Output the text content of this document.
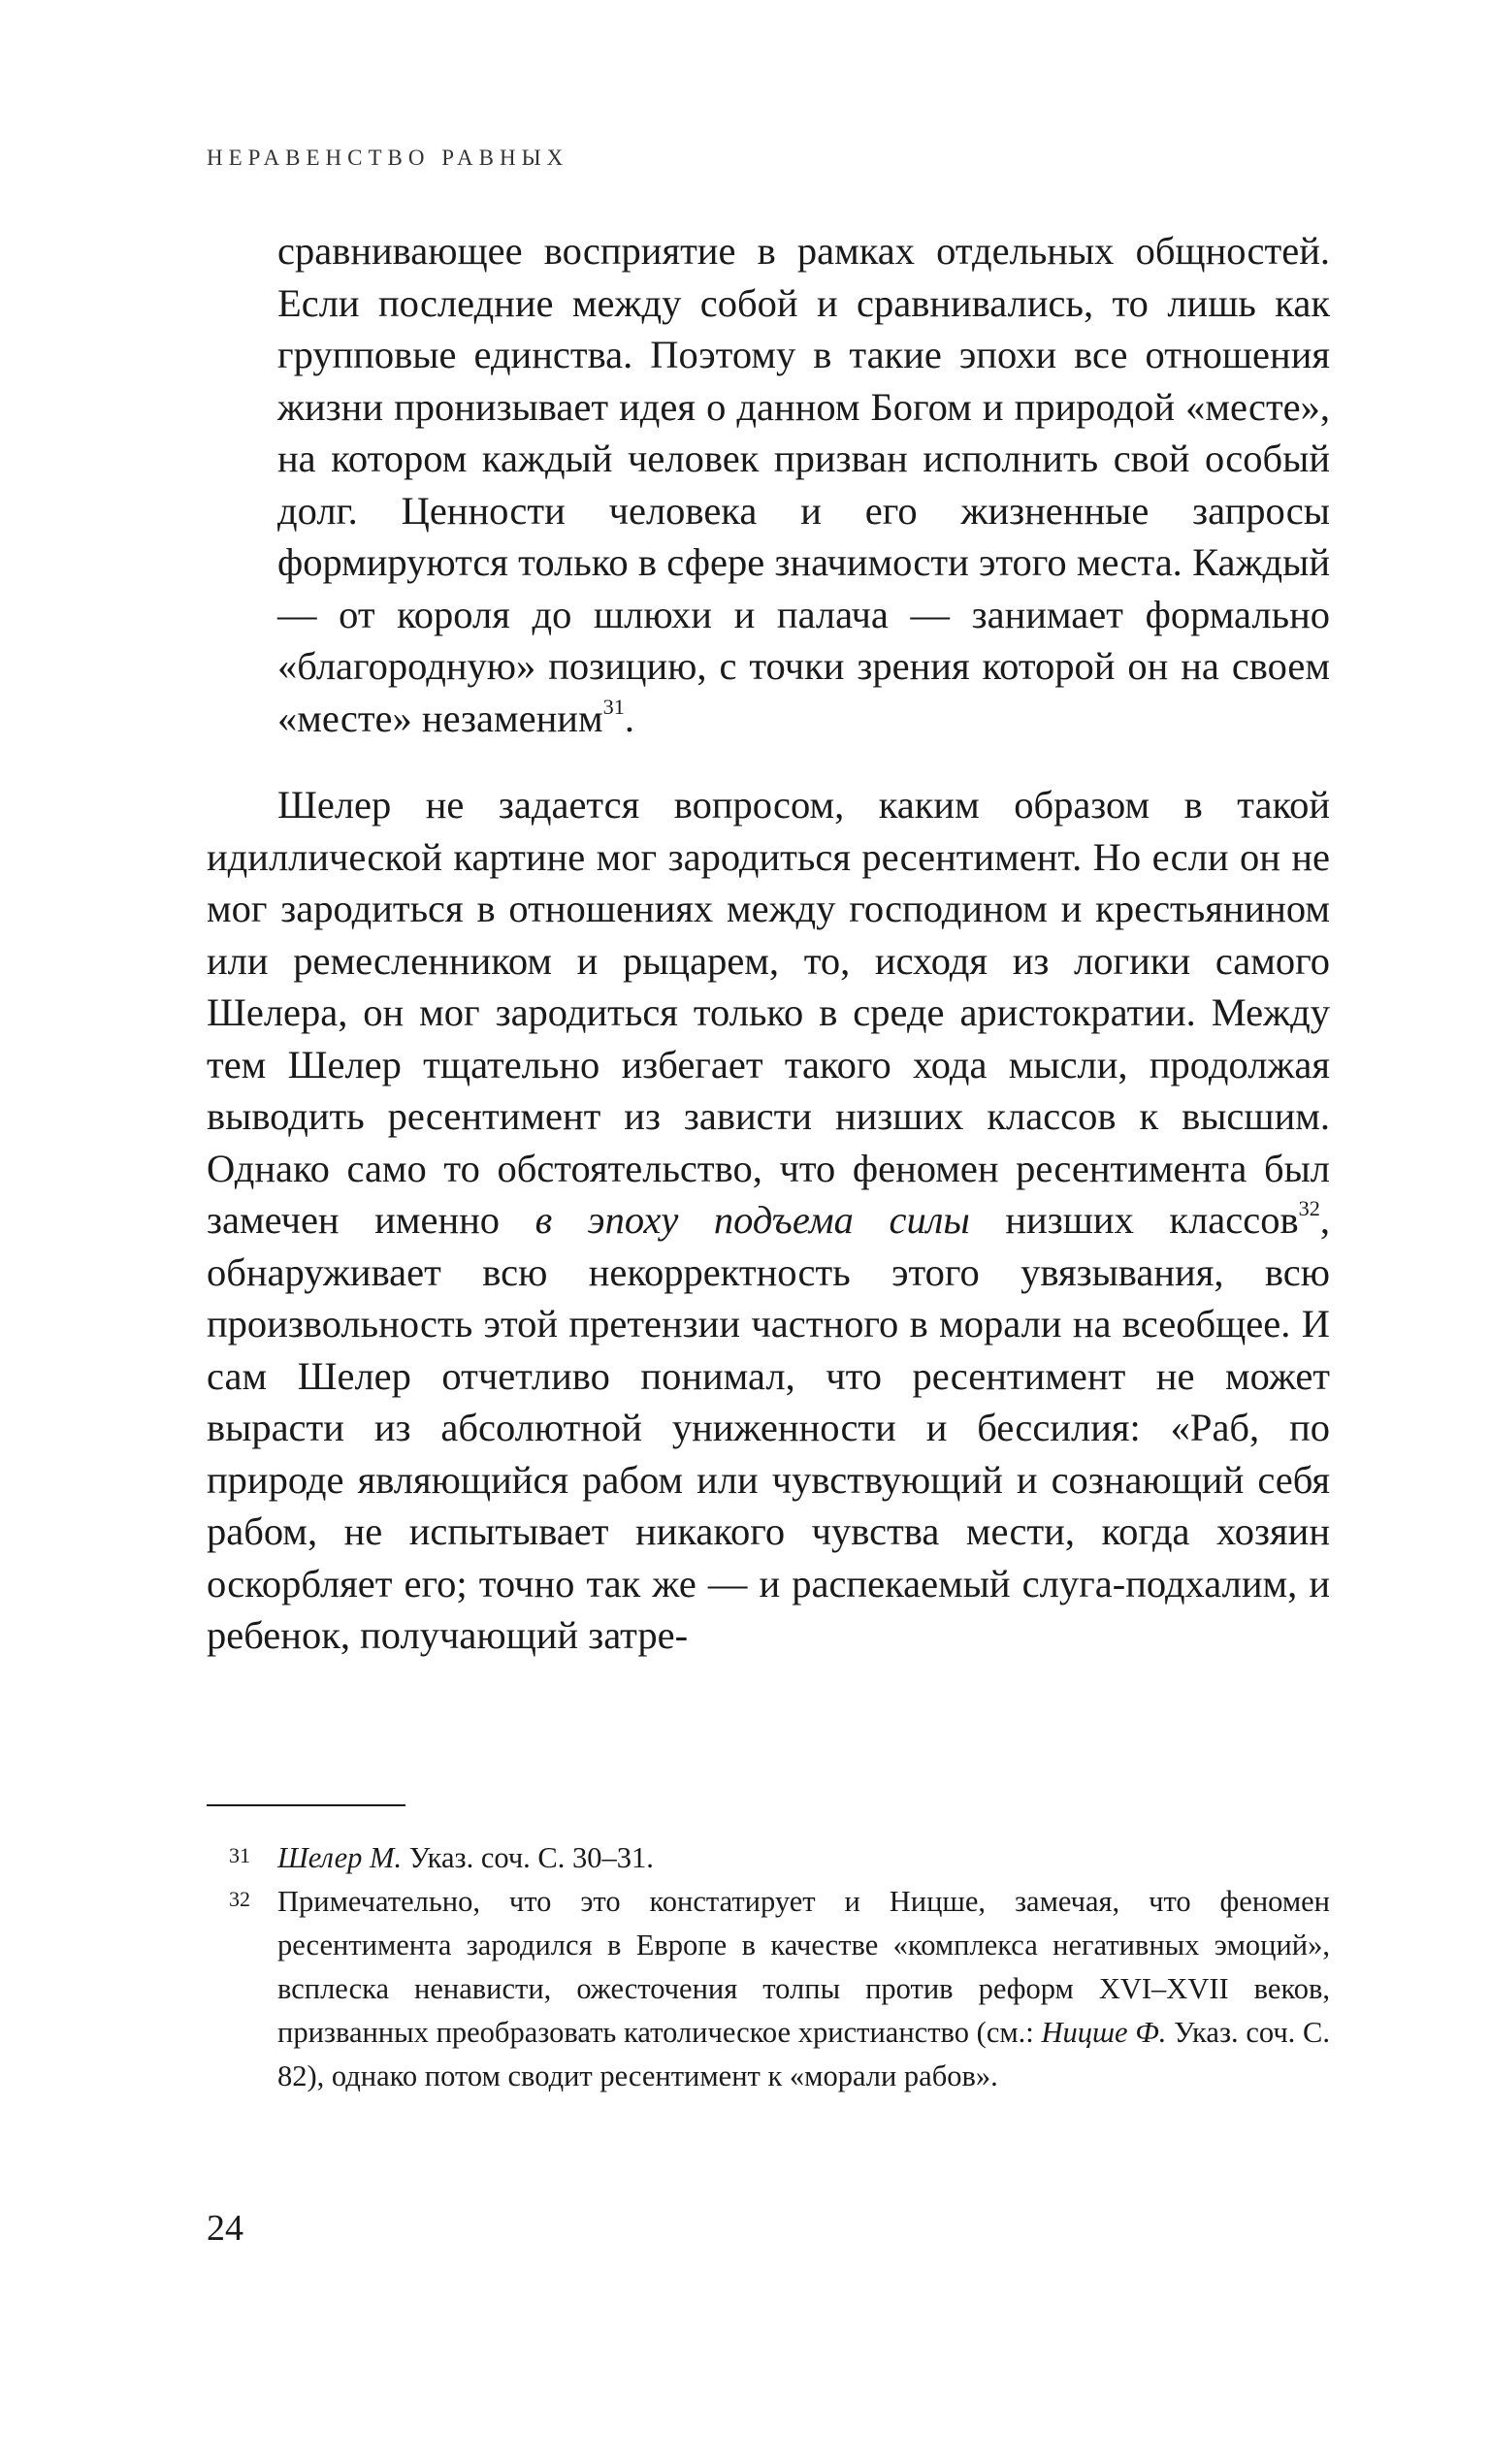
НЕРАВЕНСТВО РАВНЫХ

сравнивающее восприятие в рамках отдельных общностей. Если последние между собой и сравнивались, то лишь как групповые единства. Поэтому в такие эпохи все отношения жизни пронизывает идея о данном Богом и природой «месте», на котором каждый человек призван исполнить свой особый долг. Ценности человека и его жизненные запросы формируются только в сфере значимости этого места. Каждый — от короля до шлюхи и палача — занимает формально «благородную» позицию, с точки зрения которой он на своем «месте» незаменим$^{31}$.

Шелер не задается вопросом, каким образом в такой идиллической картине мог зародиться ресентимент. Но если он не мог зародиться в отношениях между господином и крестьянином или ремесленником и рыцарем, то, исходя из логики самого Шелера, он мог зародиться только в среде аристократии. Между тем Шелер тщательно избегает такого хода мысли, продолжая выводить ресентимент из зависти низших классов к высшим. Однако само то обстоятельство, что феномен ресентимента был замечен именно в эпоху подъема силы низших классов$^{32}$, обнаруживает всю некорректность этого увязывания, всю произвольность этой претензии частного в морали на всеобщее. И сам Шелер отчетливо понимал, что ресентимент не может вырасти из абсолютной униженности и бессилия: «Раб, по природе являющийся рабом или чувствующий и сознающий себя рабом, не испытывает никакого чувства мести, когда хозяин оскорбляет его; точно так же — и распекаемый слуга-подхалим, и ребенок, получающий затре-

31 Шелер М. Указ. соч. С. 30–31.
32 Примечательно, что это констатирует и Ницше, замечая, что феномен ресентимента зародился в Европе в качестве «комплекса негативных эмоций», всплеска ненависти, ожесточения толпы против реформ XVI–XVII веков, призванных преобразовать католическое христианство (см.: Ницше Ф. Указ. соч. С. 82), однако потом сводит ресентимент к «морали рабов».
24
